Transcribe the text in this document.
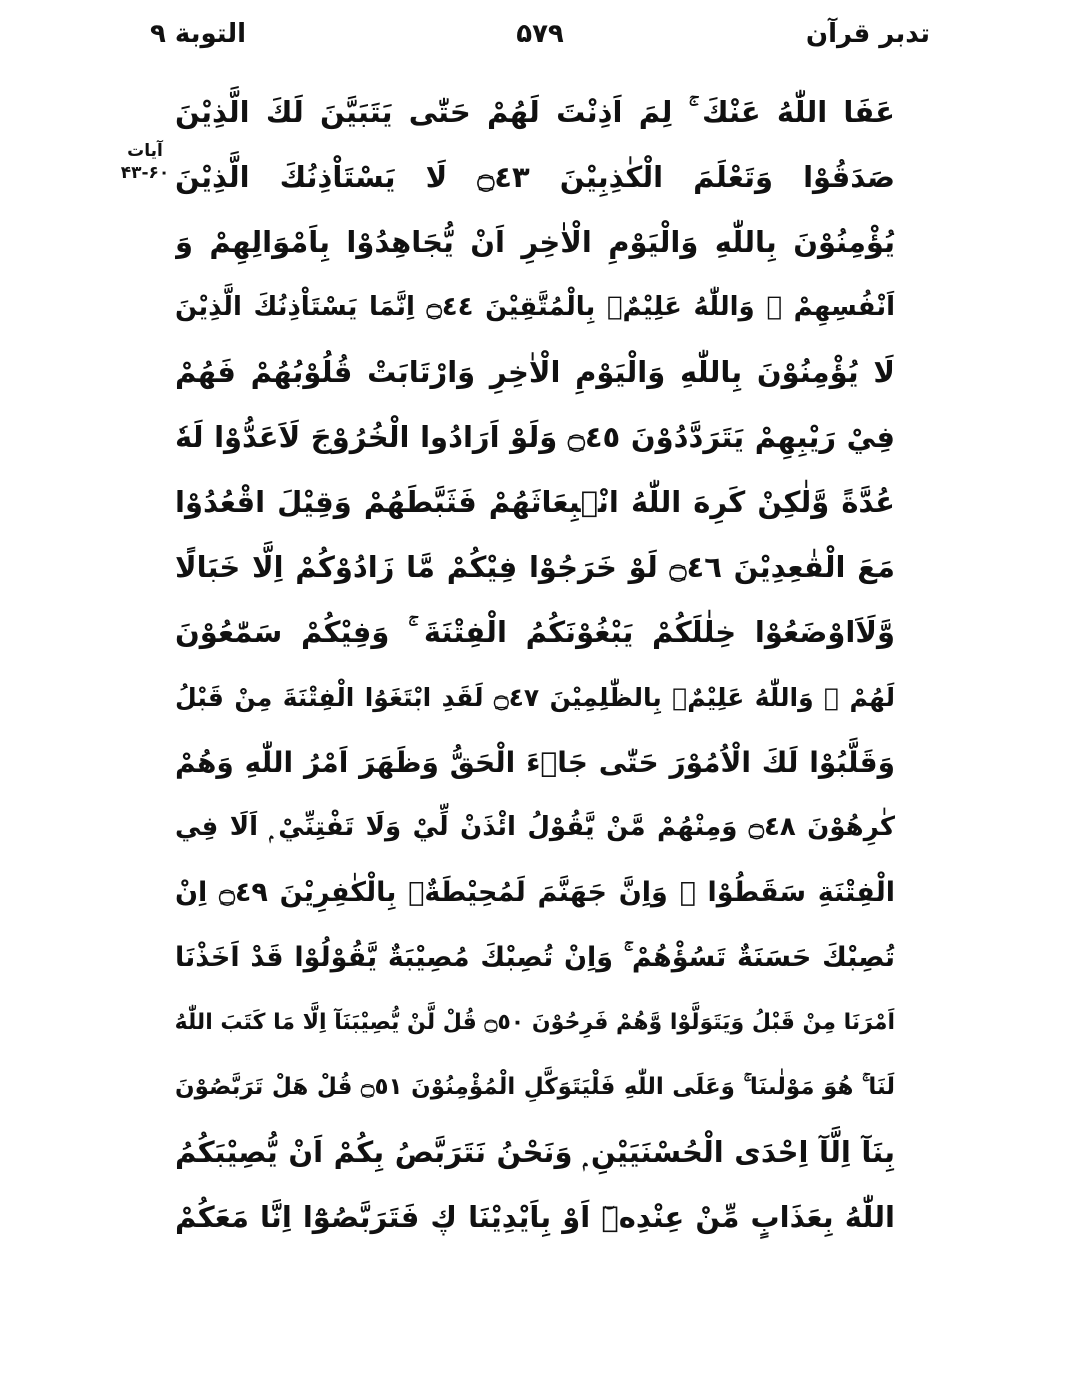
تدبر قرآن
۵۷۹
التوبة ۹
آیات
۴۳-۶۰
عَفَا اللّٰهُ عَنْكَ ۚ لِمَ اَذِنْتَ لَهُمْ حَتّٰى يَتَبَيَّنَ لَكَ الَّذِيْنَ
صَدَقُوْا وَتَعْلَمَ الْكٰذِبِيْنَ ۝٤٣ لَا يَسْتَاْذِنُكَ الَّذِيْنَ
يُؤْمِنُوْنَ بِاللّٰهِ وَالْيَوْمِ الْاٰخِرِ اَنْ يُّجَاهِدُوْا بِاَمْوَالِهِمْ وَ
اَنْفُسِهِمْ ۭ وَاللّٰهُ عَلِيْمٌۢ بِالْمُتَّقِيْنَ ۝٤٤ اِنَّمَا يَسْتَاْذِنُكَ الَّذِيْنَ
لَا يُؤْمِنُوْنَ بِاللّٰهِ وَالْيَوْمِ الْاٰخِرِ وَارْتَابَتْ قُلُوْبُهُمْ فَهُمْ
فِيْ رَيْبِهِمْ يَتَرَدَّدُوْنَ ۝٤٥ وَلَوْ اَرَادُوا الْخُرُوْجَ لَاَعَدُّوْا لَهٗ
عُدَّةً وَّلٰكِنْ كَرِهَ اللّٰهُ انْۢبِعَاثَهُمْ فَثَبَّطَهُمْ وَقِيْلَ اقْعُدُوْا
مَعَ الْقٰعِدِيْنَ ۝٤٦ لَوْ خَرَجُوْا فِيْكُمْ مَّا زَادُوْكُمْ اِلَّا خَبَالًا
وَّلَاَاوْضَعُوْا خِلٰلَكُمْ يَبْغُوْنَكُمُ الْفِتْنَةَ ۚ وَفِيْكُمْ سَمّٰعُوْنَ
لَهُمْ ۭ وَاللّٰهُ عَلِيْمٌۢ بِالظّٰلِمِيْنَ ۝٤٧ لَقَدِ ابْتَغَوُا الْفِتْنَةَ مِنْ قَبْلُ
وَقَلَّبُوْا لَكَ الْاُمُوْرَ حَتّٰى جَاۗءَ الْحَقُّ وَظَهَرَ اَمْرُ اللّٰهِ وَهُمْ
كٰرِهُوْنَ ۝٤٨ وَمِنْهُمْ مَّنْ يَّقُوْلُ ائْذَنْ لِّيْ وَلَا تَفْتِنِّيْ ۭ اَلَا فِي
الْفِتْنَةِ سَقَطُوْا ۭ وَاِنَّ جَهَنَّمَ لَمُحِيْطَةٌۢ بِالْكٰفِرِيْنَ ۝٤٩ اِنْ
تُصِبْكَ حَسَنَةٌ تَسُؤْهُمْ ۚ وَاِنْ تُصِبْكَ مُصِيْبَةٌ يَّقُوْلُوْا قَدْ اَخَذْنَا
اَمْرَنَا مِنْ قَبْلُ وَيَتَوَلَّوْا وَّهُمْ فَرِحُوْنَ ۝٥٠ قُلْ لَّنْ يُّصِيْبَنَآ اِلَّا مَا كَتَبَ اللّٰهُ
لَنَا ۚ هُوَ مَوْلٰىنَا ۚ وَعَلَى اللّٰهِ فَلْيَتَوَكَّلِ الْمُؤْمِنُوْنَ ۝٥١ قُلْ هَلْ تَرَبَّصُوْنَ
بِنَآ اِلَّآ اِحْدَى الْحُسْنَيَيْنِ ۭ وَنَحْنُ نَتَرَبَّصُ بِكُمْ اَنْ يُّصِيْبَكُمُ
اللّٰهُ بِعَذَابٍ مِّنْ عِنْدِهٖٓ اَوْ بِاَيْدِيْنَا ڮ فَتَرَبَّصُوْٓا اِنَّا مَعَكُمْ
